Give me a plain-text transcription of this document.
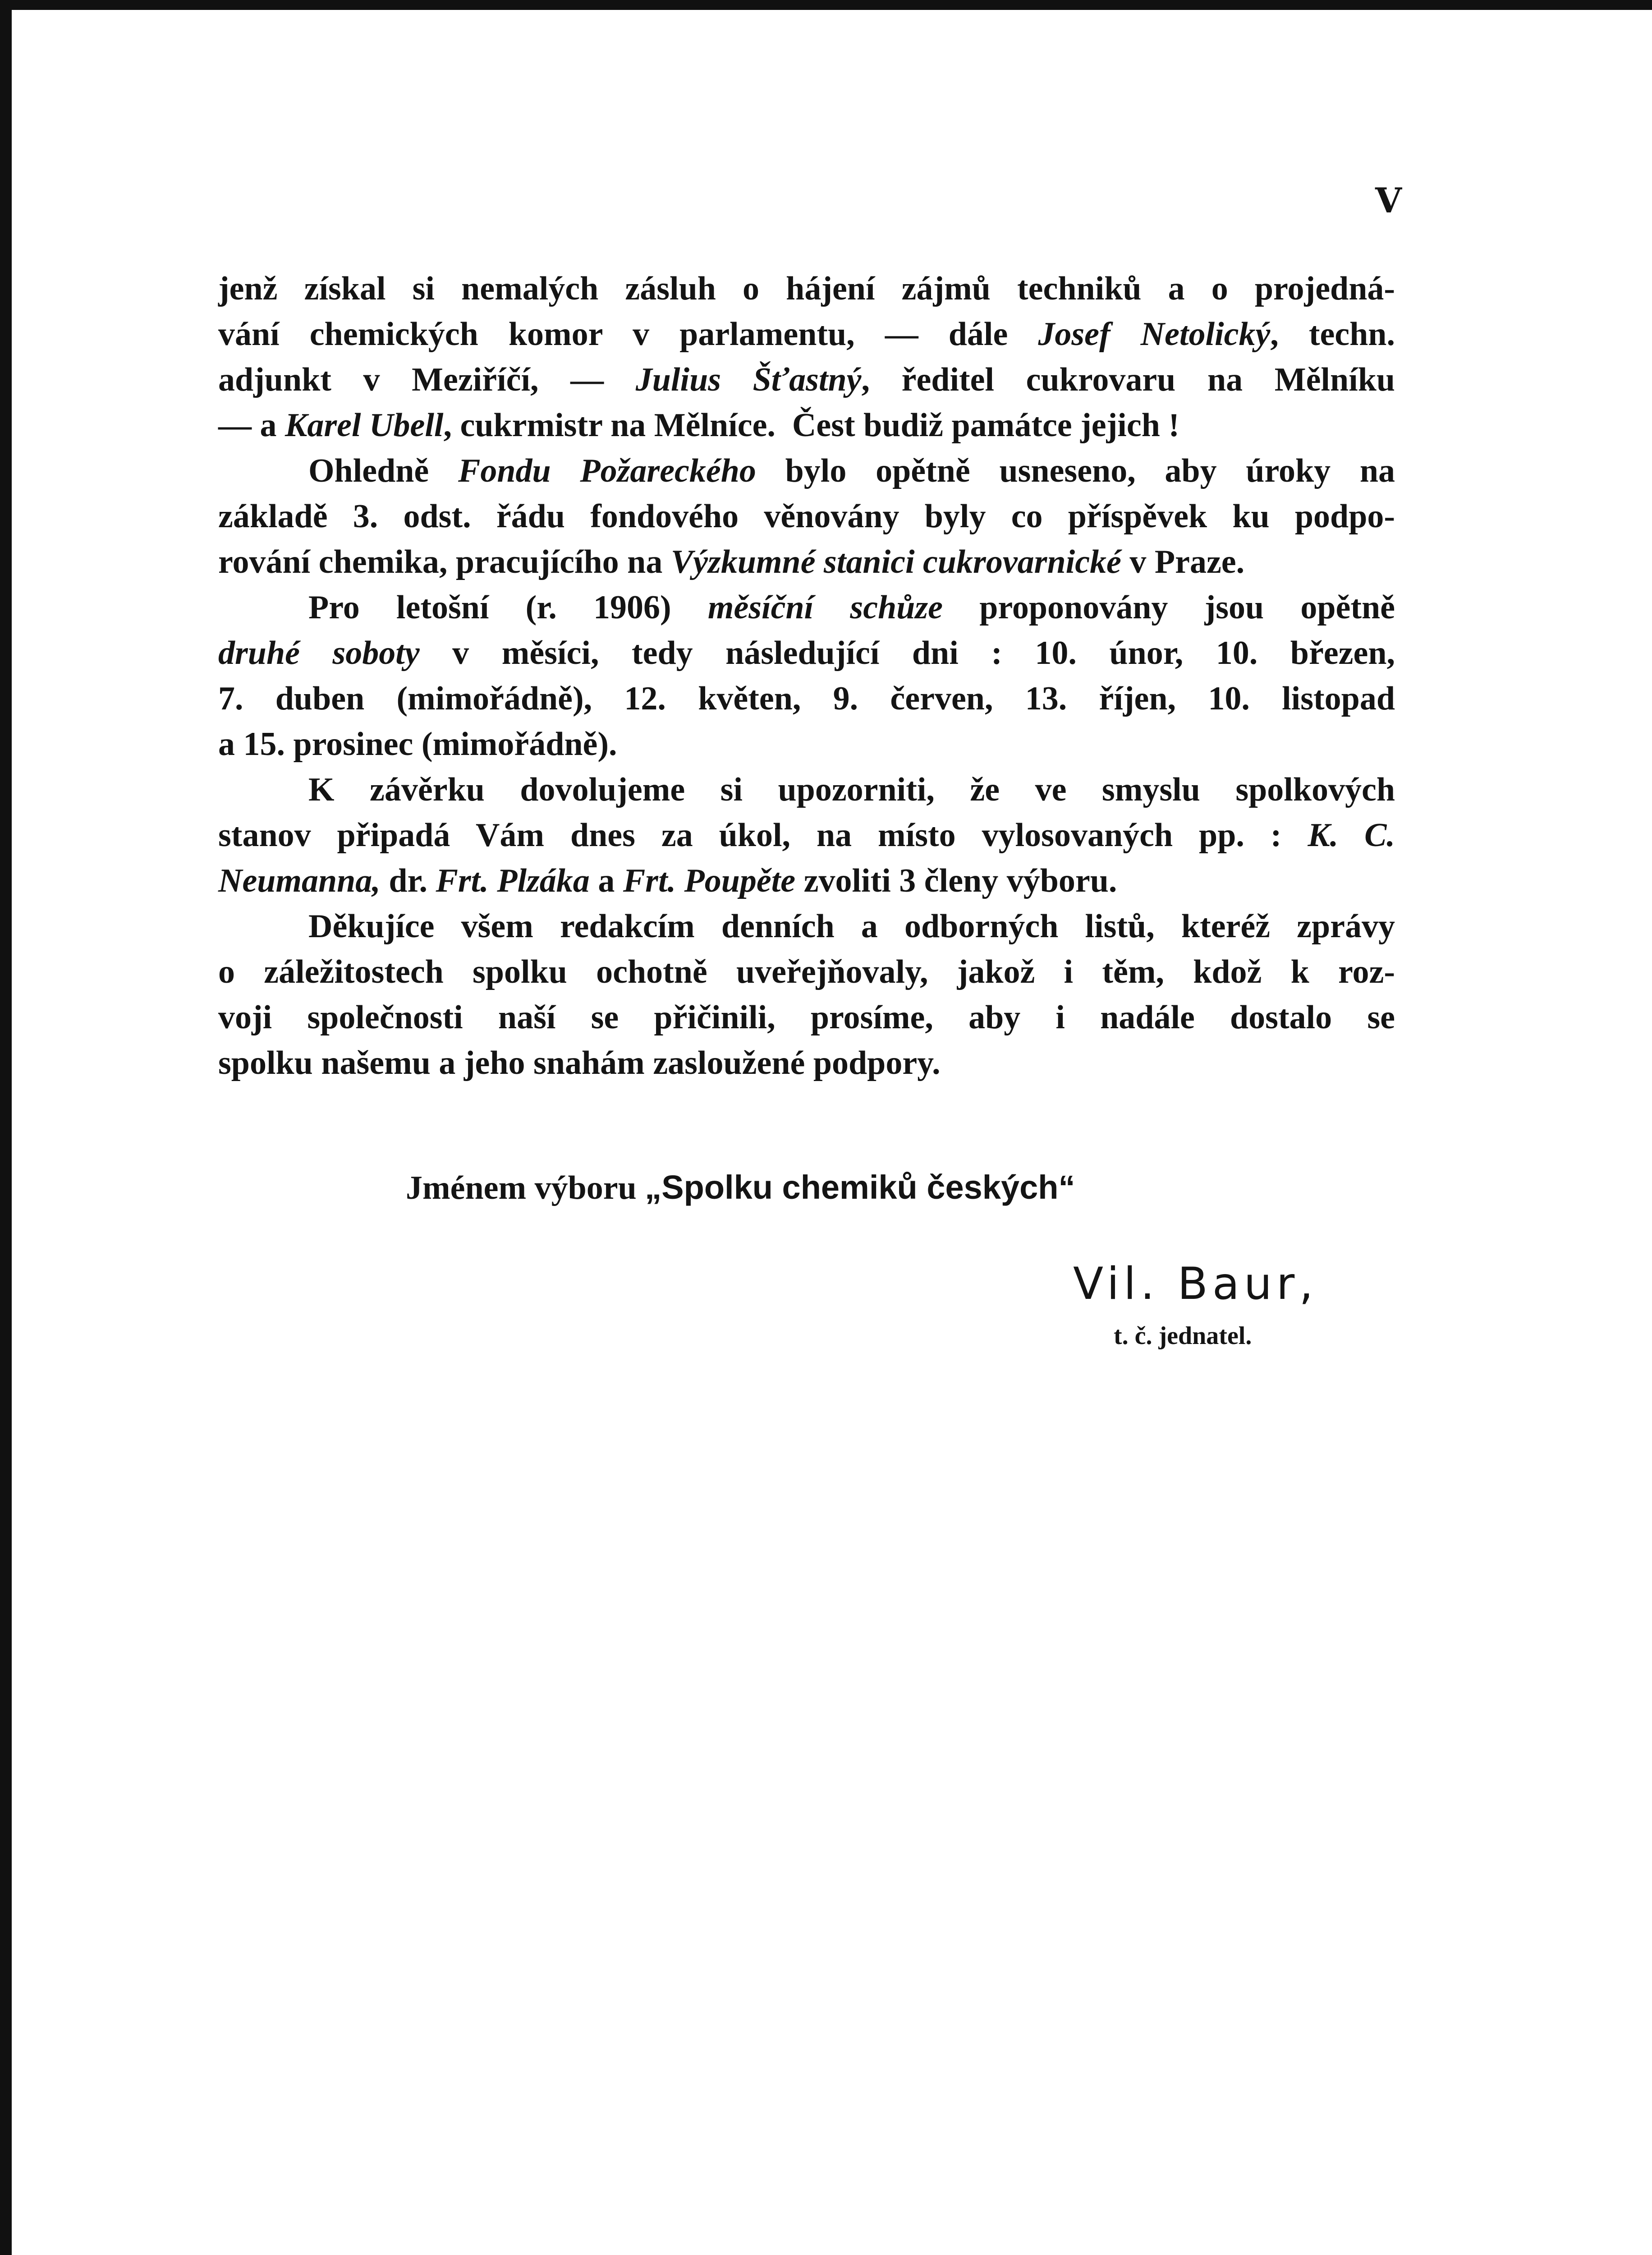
V
jenž získal si nemalých zásluh o hájení zájmů techniků a o projedná-
vání chemických komor v parlamentu, — dále Josef Netolický, techn.
adjunkt v Meziříčí, — Julius Šťastný, ředitel cukrovaru na Mělníku
— a Karel Ubell, cukrmistr na Mělníce.  Čest budiž památce jejich !
Ohledně Fondu Požareckého bylo opětně usneseno, aby úroky na
základě 3. odst. řádu fondového věnovány byly co příspěvek ku podpo-
rování chemika, pracujícího na Výzkumné stanici cukrovarnické v Praze.
Pro letošní (r. 1906) měsíční schůze proponovány jsou opětně
druhé soboty v měsíci, tedy následující dni : 10. únor, 10. březen,
7. duben (mimořádně), 12. květen, 9. červen, 13. říjen, 10. listopad
a 15. prosinec (mimořádně).
K závěrku dovolujeme si upozorniti, že ve smyslu spolkových
stanov připadá Vám dnes za úkol, na místo vylosovaných pp. : K. C.
Neumanna, dr. Frt. Plzáka a Frt. Poupěte zvoliti 3 členy výboru.
Děkujíce všem redakcím denních a odborných listů, kteréž zprávy
o záležitostech spolku ochotně uveřejňovaly, jakož i těm, kdož k roz-
voji společnosti naší se přičinili, prosíme, aby i nadále dostalo se
spolku našemu a jeho snahám zasloužené podpory.
Jménem výboru „Spolku chemiků českých“
Vil. Baur,
t. č. jednatel.
